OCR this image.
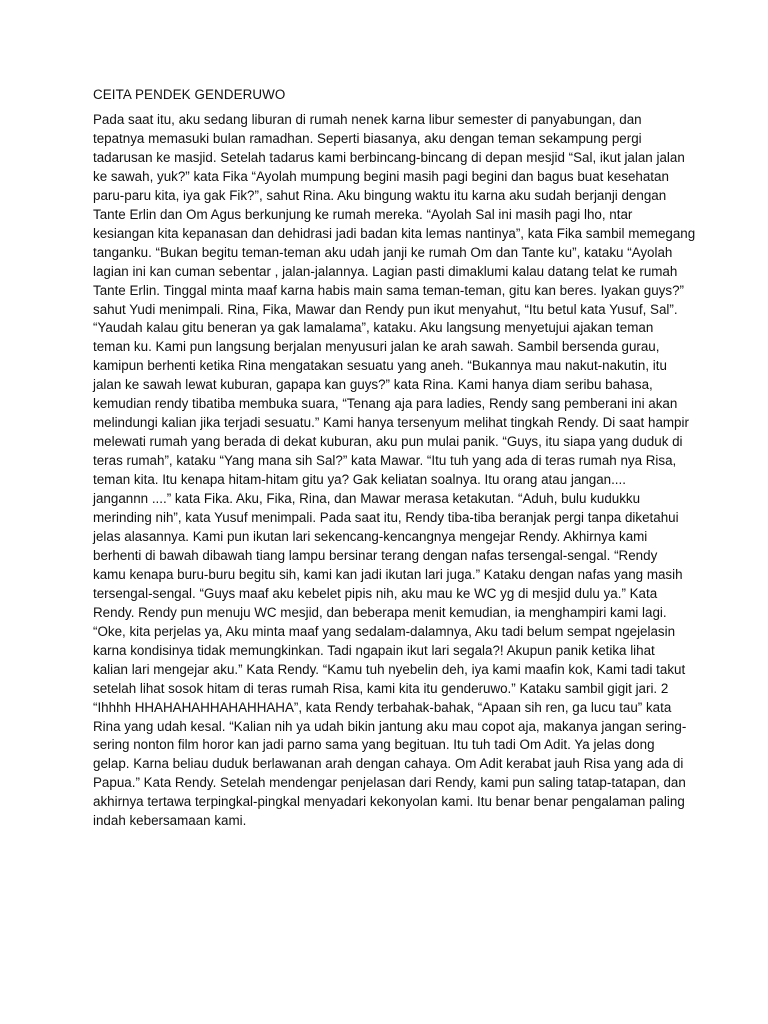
CEITA PENDEK GENDERUWO

Pada saat itu, aku sedang liburan di rumah nenek karna libur semester di panyabungan, dan
tepatnya memasuki bulan ramadhan. Seperti biasanya, aku dengan teman sekampung pergi
tadarusan ke masjid. Setelah tadarus kami berbincang-bincang di depan mesjid “Sal, ikut jalan jalan
ke sawah, yuk?” kata Fika “Ayolah mumpung begini masih pagi begini dan bagus buat kesehatan
paru-paru kita, iya gak Fik?”, sahut Rina. Aku bingung waktu itu karna aku sudah berjanji dengan
Tante Erlin dan Om Agus berkunjung ke rumah mereka. “Ayolah Sal ini masih pagi lho, ntar
kesiangan kita kepanasan dan dehidrasi jadi badan kita lemas nantinya”, kata Fika sambil memegang
tanganku. “Bukan begitu teman-teman aku udah janji ke rumah Om dan Tante ku”, kataku “Ayolah
lagian ini kan cuman sebentar , jalan-jalannya. Lagian pasti dimaklumi kalau datang telat ke rumah
Tante Erlin. Tinggal minta maaf karna habis main sama teman-teman, gitu kan beres. Iyakan guys?”
sahut Yudi menimpali. Rina, Fika, Mawar dan Rendy pun ikut menyahut, “Itu betul kata Yusuf, Sal”.
“Yaudah kalau gitu beneran ya gak lamalama”, kataku. Aku langsung menyetujui ajakan teman
teman ku. Kami pun langsung berjalan menyusuri jalan ke arah sawah. Sambil bersenda gurau,
kamipun berhenti ketika Rina mengatakan sesuatu yang aneh. “Bukannya mau nakut-nakutin, itu
jalan ke sawah lewat kuburan, gapapa kan guys?” kata Rina. Kami hanya diam seribu bahasa,
kemudian rendy tibatiba membuka suara, “Tenang aja para ladies, Rendy sang pemberani ini akan
melindungi kalian jika terjadi sesuatu.” Kami hanya tersenyum melihat tingkah Rendy. Di saat hampir
melewati rumah yang berada di dekat kuburan, aku pun mulai panik. “Guys, itu siapa yang duduk di
teras rumah”, kataku “Yang mana sih Sal?” kata Mawar. “Itu tuh yang ada di teras rumah nya Risa,
teman kita. Itu kenapa hitam-hitam gitu ya? Gak keliatan soalnya. Itu orang atau jangan....
jangannn ....” kata Fika. Aku, Fika, Rina, dan Mawar merasa ketakutan. “Aduh, bulu kudukku
merinding nih”, kata Yusuf menimpali. Pada saat itu, Rendy tiba-tiba beranjak pergi tanpa diketahui
jelas alasannya. Kami pun ikutan lari sekencang-kencangnya mengejar Rendy. Akhirnya kami
berhenti di bawah dibawah tiang lampu bersinar terang dengan nafas tersengal-sengal. “Rendy
kamu kenapa buru-buru begitu sih, kami kan jadi ikutan lari juga.” Kataku dengan nafas yang masih
tersengal-sengal. “Guys maaf aku kebelet pipis nih, aku mau ke WC yg di mesjid dulu ya.” Kata
Rendy. Rendy pun menuju WC mesjid, dan beberapa menit kemudian, ia menghampiri kami lagi.
“Oke, kita perjelas ya, Aku minta maaf yang sedalam-dalamnya, Aku tadi belum sempat ngejelasin
karna kondisinya tidak memungkinkan. Tadi ngapain ikut lari segala?! Akupun panik ketika lihat
kalian lari mengejar aku.” Kata Rendy. “Kamu tuh nyebelin deh, iya kami maafin kok, Kami tadi takut
setelah lihat sosok hitam di teras rumah Risa, kami kita itu genderuwo.” Kataku sambil gigit jari. 2
“Ihhhh HHAHAHAHHAHAHHAHA”, kata Rendy terbahak-bahak, “Apaan sih ren, ga lucu tau” kata
Rina yang udah kesal. “Kalian nih ya udah bikin jantung aku mau copot aja, makanya jangan sering-
sering nonton film horor kan jadi parno sama yang begituan. Itu tuh tadi Om Adit. Ya jelas dong
gelap. Karna beliau duduk berlawanan arah dengan cahaya. Om Adit kerabat jauh Risa yang ada di
Papua.” Kata Rendy. Setelah mendengar penjelasan dari Rendy, kami pun saling tatap-tatapan, dan
akhirnya tertawa terpingkal-pingkal menyadari kekonyolan kami. Itu benar benar pengalaman paling
indah kebersamaan kami.
